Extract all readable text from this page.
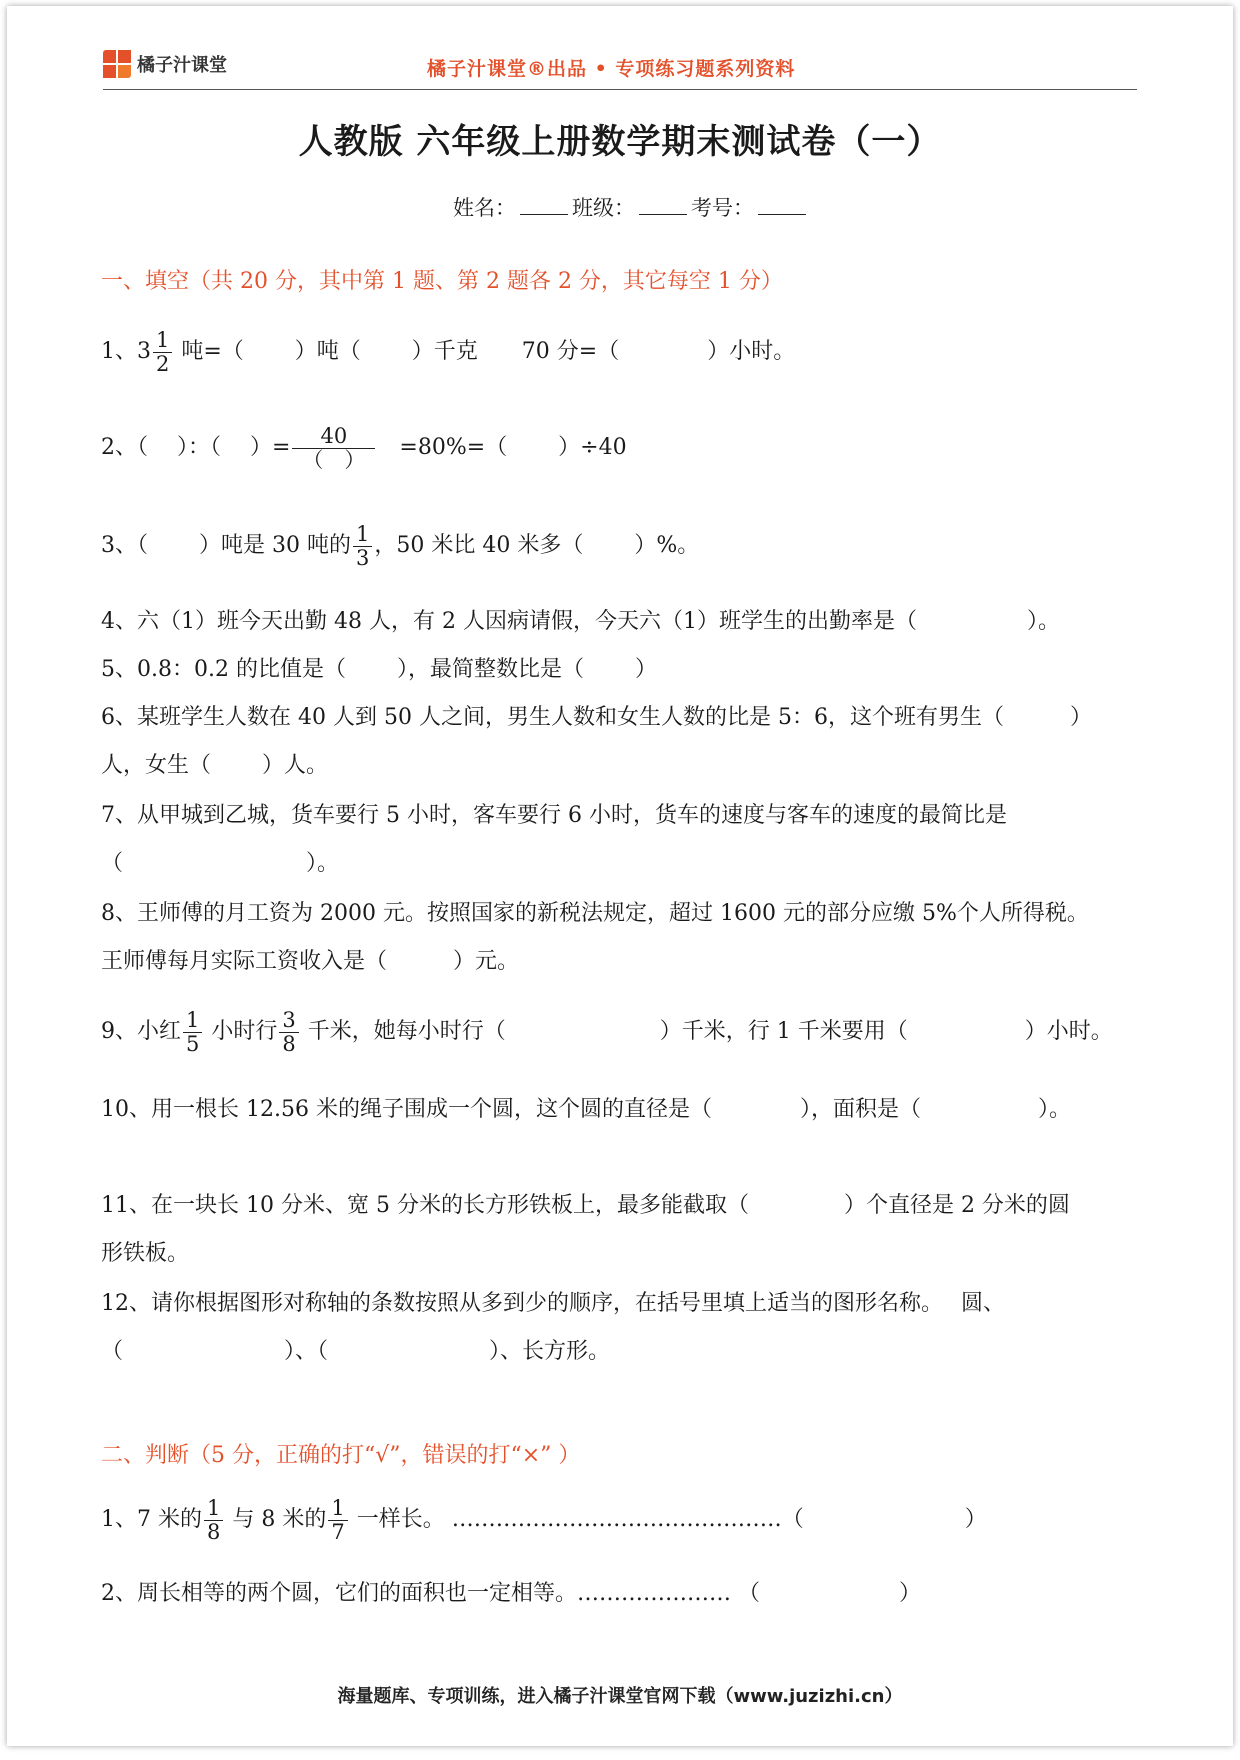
橘子汁课堂	橘子汁课堂®出品 • 专项练习题系列资料
人教版 六年级上册数学期末测试卷（一）
姓名：	班级：	考号：
一、填空（共 20 分，其中第 1 题、第 2 题各 2 分，其它每空 1 分）
1、$3 \frac{1}{2}$ 吨=（　　 ）吨（　　 ）千克　　70 分=（　　　　）小时。
2、（　 ）：（　 ）= $\frac{40}{( )}$ 　=80%=（　　 ）÷40
3、（　　 ）吨是 30 吨的 $\frac{1}{3}$ ，50 米比 40 米多（　　 ）%。
4、六（1）班今天出勤 48 人，有 2 人因病请假，今天六（1）班学生的出勤率是（　　　　　）。
5、0.8：0.2 的比值是（　　 ），最简整数比是（　　 ）
6、某班学生人数在 40 人到 50 人之间，男生人数和女生人数的比是 5：6，这个班有男生（　　　）
人，女生（　　 ）人。
7、从甲城到乙城，货车要行 5 小时，客车要行 6 小时，货车的速度与客车的速度的最简比是
（　　　　　　　　 ）。
8、王师傅的月工资为 2000 元。按照国家的新税法规定，超过 1600 元的部分应缴 5%个人所得税。
王师傅每月实际工资收入是（　　　）元。
9、小红 $\frac{1}{5}$ 小时行 $\frac{3}{8}$ 千米，她每小时行（　　　　　　　）千米，行 1 千米要用（　　　　　 ）小时。
10、用一根长 12.56 米的绳子围成一个圆，这个圆的直径是（　　　　），面积是（　　　　　 ）。
11、在一块长 10 分米、宽 5 分米的长方形铁板上，最多能截取（　　　　 ）个直径是 2 分米的圆
形铁板。
12、请你根据图形对称轴的条数按照从多到少的顺序，在括号里填上适当的图形名称。　 圆、
（　　　　　　　 ）、（　　　　　　　 ）、长方形。
二、判断（5 分，正确的打“√”，错误的打“×” ）
1、7 米的 $\frac{1}{8}$ 与 8 米的 $\frac{1}{7}$ 一样长。 ………………………………………（　　　　　　　 ）
2、周长相等的两个圆，它们的面积也一定相等。………………… （　　　　　　 ）
海量题库、专项训练，进入橘子汁课堂官网下载（www.juzizhi.cn）
